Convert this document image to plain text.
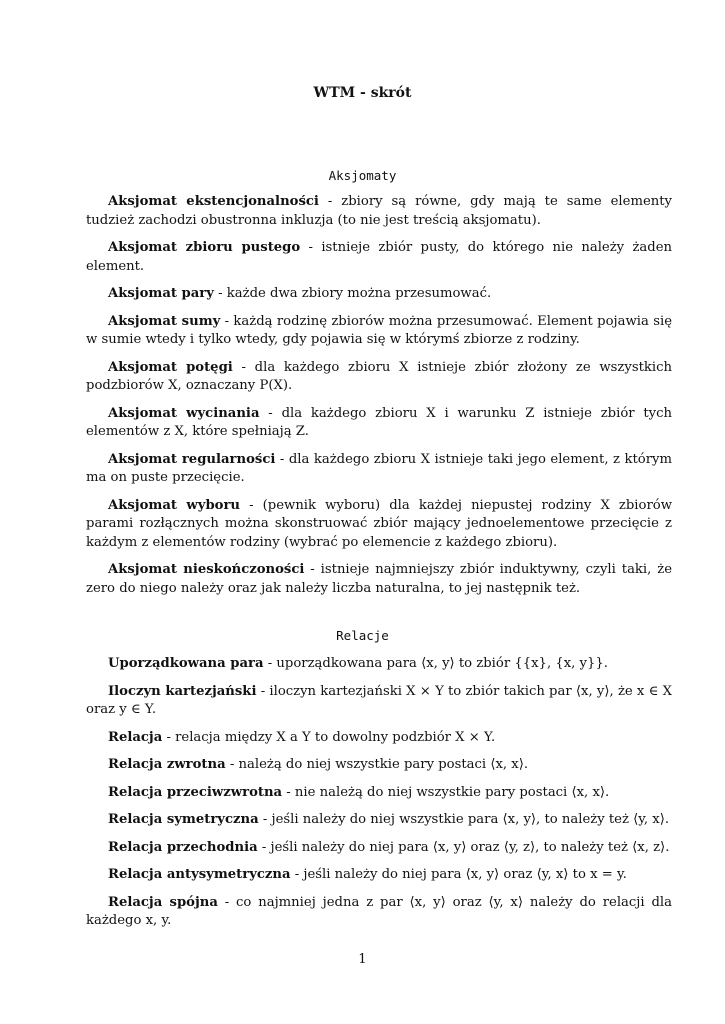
WTM - skrót
Aksjomaty

Aksjomat ekstencjonalności - zbiory są równe, gdy mają te same elementy tudzież zachodzi obustronna inkluzja (to nie jest treścią aksjomatu).

Aksjomat zbioru pustego - istnieje zbiór pusty, do którego nie należy żaden element.

Aksjomat pary - każde dwa zbiory można przesumować.

Aksjomat sumy - każdą rodzinę zbiorów można przesumować. Element pojawia się w sumie wtedy i tylko wtedy, gdy pojawia się w którymś zbiorze z rodziny.

Aksjomat potęgi - dla każdego zbioru X istnieje zbiór złożony ze wszystkich podzbiorów X, oznaczany P(X).

Aksjomat wycinania - dla każdego zbioru X i warunku Z istnieje zbiór tych elementów z X, które spełniają Z.

Aksjomat regularności - dla każdego zbioru X istnieje taki jego element, z którym ma on puste przecięcie.

Aksjomat wyboru - (pewnik wyboru) dla każdej niepustej rodziny X zbiorów parami rozłącznych można skonstruować zbiór mający jednoelementowe przecięcie z każdym z elementów rodziny (wybrać po elemencie z każdego zbioru).

Aksjomat nieskończoności - istnieje najmniejszy zbiór induktywny, czyli taki, że zero do niego należy oraz jak należy liczba naturalna, to jej następnik też.

Relacje

Uporządkowana para - uporządkowana para ⟨x, y⟩ to zbiór {{x}, {x, y}}.

Iloczyn kartezjański - iloczyn kartezjański X × Y to zbiór takich par ⟨x, y⟩, że x ∈ X oraz y ∈ Y.

Relacja - relacja między X a Y to dowolny podzbiór X × Y.

Relacja zwrotna - należą do niej wszystkie pary postaci ⟨x, x⟩.

Relacja przeciwzwrotna - nie należą do niej wszystkie pary postaci ⟨x, x⟩.

Relacja symetryczna - jeśli należy do niej wszystkie para ⟨x, y⟩, to należy też ⟨y, x⟩.

Relacja przechodnia - jeśli należy do niej para ⟨x, y⟩ oraz ⟨y, z⟩, to należy też ⟨x, z⟩.

Relacja antysymetryczna - jeśli należy do niej para ⟨x, y⟩ oraz ⟨y, x⟩ to x = y.

Relacja spójna - co najmniej jedna z par ⟨x, y⟩ oraz ⟨y, x⟩ należy do relacji dla każdego x, y.

1
